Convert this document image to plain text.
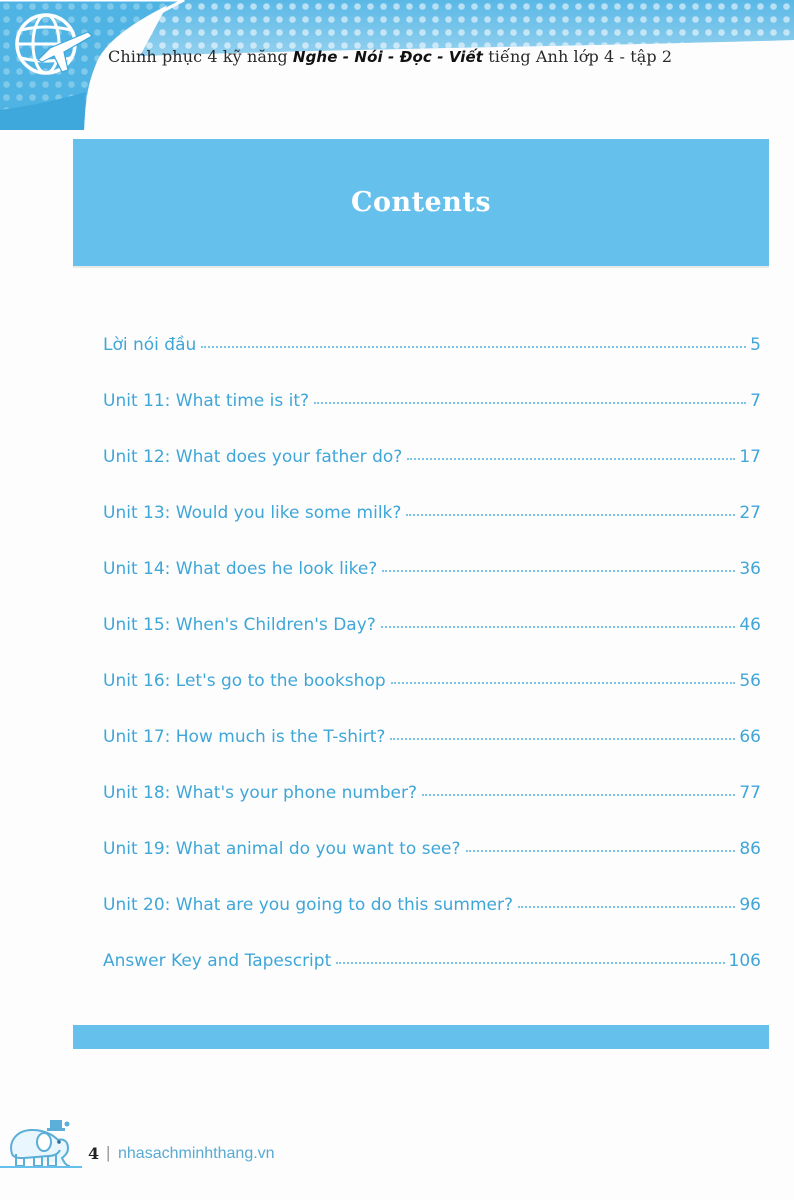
Chinh phục 4 kỹ năng Nghe - Nói - Đọc - Viết tiếng Anh lớp 4 - tập 2
Contents
Lời nói đầu	5
Unit 11: What time is it?	7
Unit 12: What does your father do?	17
Unit 13: Would you like some milk?	27
Unit 14: What does he look like?	36
Unit 15: When's Children's Day?	46
Unit 16: Let's go to the bookshop	56
Unit 17: How much is the T-shirt?	66
Unit 18: What's your phone number?	77
Unit 19: What animal do you want to see?	86
Unit 20: What are you going to do this summer?	96
Answer Key and Tapescript	106
4 | nhasachminhthang.vn
